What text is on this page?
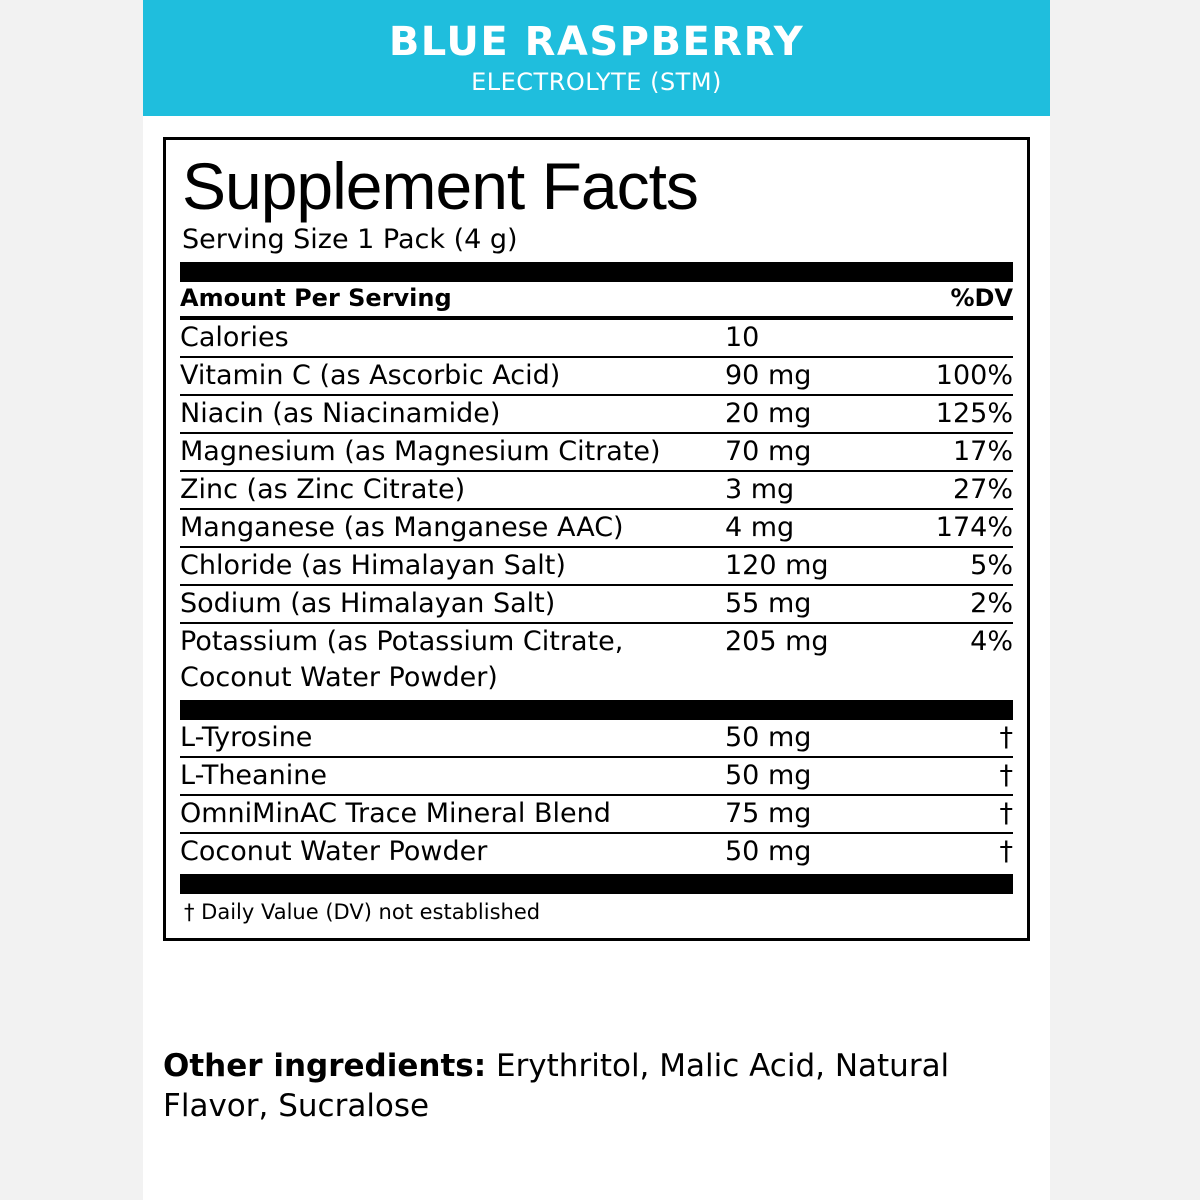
BLUE RASPBERRY
ELECTROLYTE (STM)
Supplement Facts
Serving Size 1 Pack (4 g)
Amount Per Serving		%DV
Calories	10	
Vitamin C (as Ascorbic Acid)	90 mg	100%
Niacin (as Niacinamide)	20 mg	125%
Magnesium (as Magnesium Citrate)	70 mg	17%
Zinc (as Zinc Citrate)	3 mg	27%
Manganese (as Manganese AAC)	4 mg	174%
Chloride (as Himalayan Salt)	120 mg	5%
Sodium (as Himalayan Salt)	55 mg	2%
Potassium (as Potassium Citrate,	205 mg	4%
Coconut Water Powder)		
L-Tyrosine	50 mg	†
L-Theanine	50 mg	†
OmniMinAC Trace Mineral Blend	75 mg	†
Coconut Water Powder	50 mg	†
† Daily Value (DV) not established
Other ingredients: Erythritol, Malic Acid, Natural Flavor, Sucralose
